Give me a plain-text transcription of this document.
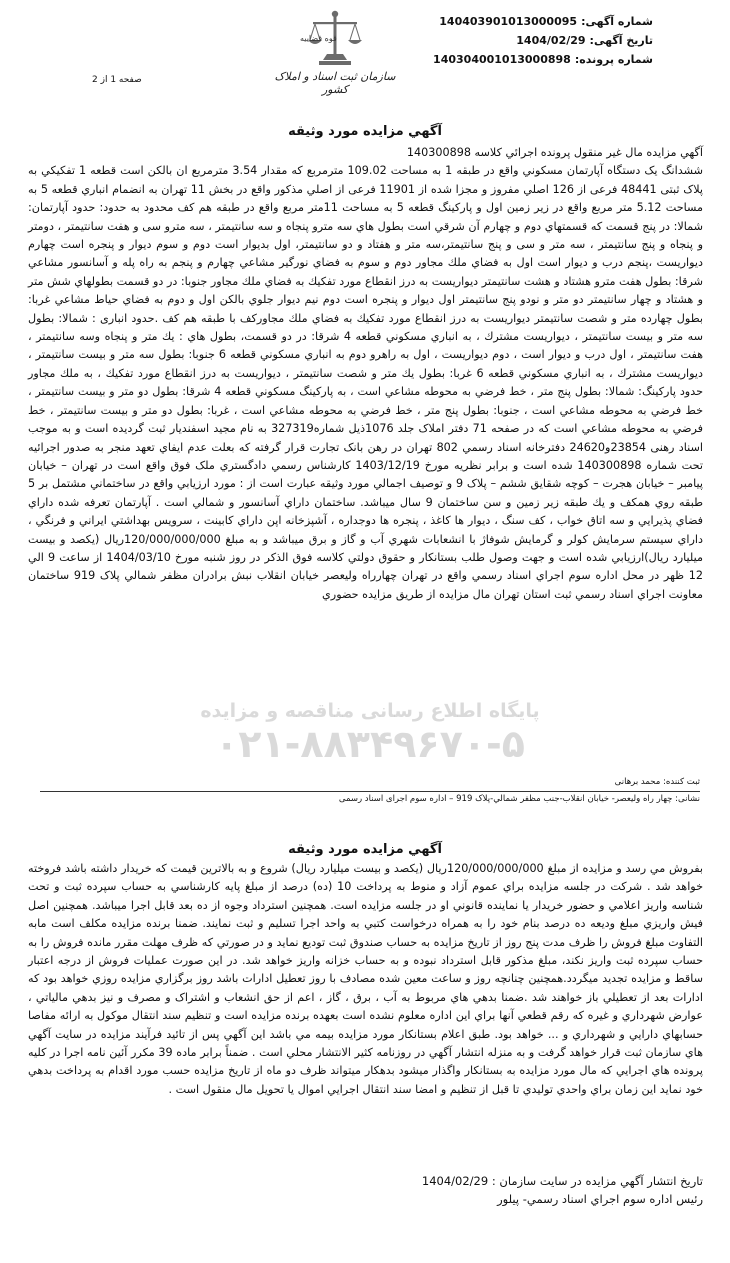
شماره آگهی:
140403901013000095
تاریخ آگهی:
1404/02/29
شماره پرونده:
140304001013000898
سازمان ثبت اسناد و املاک کشور
قوه قضاییه
صفحه 1 از 2
آگهي مزايده مورد وثيقه

آگهي مزايده مال غير منقول پرونده اجرائي كلاسه 140300898

ششدانگ یک دستگاه آپارتمان مسكوني واقع در طبقه 1 به مساحت 109.02 مترمربع که مقدار 3.54 مترمربع ان بالكن است قطعه 1 تفكيكي به پلاک ثبتی 48441 فرعی از 126 اصلي مفروز و مجزا شده از 11901 فرعی از اصلي مذكور واقع در بخش 11 تهران به انضمام انباري قطعه 5 به مساحت 5.12 متر مربع واقع در زير زمين اول و پاركينگ قطعه 5 به مساحت 11متر مربع واقع در طبقه هم كف محدود به حدود: حدود آپارتمان: شمالا: در پنج قسمت كه قسمتهاي دوم و چهارم آن شرقي است بطول هاي سه مترو پنجاه و سه سانتيمتر ، سه مترو سی و هفت سانتيمتر ، دومتر و پنجاه و پنج سانتيمتر ، سه متر و سی و پنج سانتيمتر،سه متر و هفتاد و دو سانتيمتر، اول بديوار است دوم و سوم ديوار و پنجره است چهارم ديواريست ،پنجم درب و ديوار است اول به فضاي ملك مجاور دوم و سوم به فضاي نورگير مشاعي چهارم و پنجم به راه پله و آسانسور مشاعي شرقا: بطول هفت مترو هشتاد و هشت سانتيمتر ديواريست به درز انقطاع مورد تفكيك به فضاي ملك مجاور جنوبا: در دو قسمت بطولهاي شش متر و هشتاد و چهار سانتيمتر دو متر و نودو پنج سانتيمتر اول ديوار و پنجره است دوم نيم ديوار جلوي بالكن اول و دوم به فضاي حياط مشاعي غربا: بطول چهارده متر و شصت سانتيمتر ديواريست به درز انقطاع مورد تفكيك به فضاي ملك مجاوركف با طبقه هم كف .حدود انباری : شمالا: بطول سه متر و بيست سانتيمتر ، ديواريست مشترك ، به انباري مسكوني قطعه 4 شرقا: در دو قسمت، بطول هاي : يك متر و پنجاه وسه سانتيمتر ، هفت سانتيمتر ، اول درب و ديوار است ، دوم ديواريست ، اول به راهرو دوم به انباري مسكوني قطعه 6 جنوبا: بطول سه متر و بيست سانتيمتر ، ديواريست مشترك ، به انباري مسكوني قطعه 6 غربا: بطول يك متر و شصت سانتيمتر ، ديواريست به درز انقطاع مورد تفكيك ، به ملك مجاور حدود پاركينگ: شمالا: بطول پنج متر ، خط فرضي به محوطه مشاعي است ، به پاركينگ مسكوني قطعه 4 شرقا: بطول دو متر و بيست سانتيمتر ، خط فرضي به محوطه مشاعي است ، جنوبا: بطول پنج متر ، خط فرضي به محوطه مشاعي است ، غربا: بطول دو متر و بيست سانتيمتر ، خط فرضي به محوطه مشاعي است كه در صفحه 71 دفتر املاک جلد 1076ذيل شماره327319 به نام مجيد اسفنديار ثبت گرديده است و به موجب اسناد رهنی 23854و24620 دفترخانه اسناد رسمي 802 تهران در رهن بانک تجارت قرار گرفته كه بعلت عدم ايفاي تعهد منجر به صدور اجرائيه تحت شماره 140300898 شده است و برابر نظريه مورخ 1403/12/19 كارشناس رسمي دادگستري ملک فوق واقع است در تهران – خيابان پيامبر – خيابان هجرت – كوچه شقايق ششم – پلاک 9 و توصيف اجمالي مورد وثيقه عبارت است از : مورد ارزيابي واقع در ساختماني مشتمل بر 5 طبقه روي همكف و يك طبقه زير زمين و سن ساختمان 9 سال ميباشد. ساختمان داراي آسانسور و شمالي است . آپارتمان تعرفه شده داراي فضاي پذيرايي و سه اتاق خواب ، كف سنگ ، ديوار ها كاغذ ، پنجره ها دوجداره ، آشپزخانه اپن داراي كابينت ، سرويس بهداشتي ايراني و فرنگي ، داراي سيستم سرمايش كولر و گرمايش شوفاژ با انشعابات شهري آب و گاز و برق ميباشد و به مبلغ 120/000/000/000ريال (يكصد و بيست ميليارد ريال)ارزيابي شده است و جهت وصول طلب بستانكار و حقوق دولتي كلاسه فوق الذكر در روز شنبه مورخ 1404/03/10 از ساعت 9 الي 12 ظهر در محل اداره سوم اجراي اسناد رسمي واقع در تهران چهارراه وليعصر خيابان انقلاب نبش برادران مظفر شمالي پلاک 919 ساختمان معاونت اجراي اسناد رسمي ثبت استان تهران مال مزايده از طريق مزايده حضوري

ثبت کننده: محمد برهانی
نشانی: چهار راه وليعصر- خيابان انقلاب-جنب مظفر شمالي-پلاک 919 – اداره سوم اجرای اسناد رسمی
پایگاه اطلاع رسانی مناقصه و مزایده
۰۲۱-۸۸۳۴۹۶۷۰-۵
آگهي مزايده مورد وثيقه

بفروش مي رسد و مزايده از مبلغ 120/000/000/000ريال (يكصد و بيست ميليارد ريال) شروع و به بالاترين قيمت كه خريدار داشته باشد فروخته خواهد شد . شركت در جلسه مزايده براي عموم آزاد و منوط به پرداخت 10 (ده) درصد از مبلغ پايه كارشناسي به حساب سپرده ثبت و تحت شناسه واريز اعلامي و حضور خريدار يا نماينده قانوني او در جلسه مزايده است. همچنين استرداد وجوه از ده بعد قابل اجرا ميباشد. همچنين اصل فيش واريزي مبلغ وديعه ده درصد بنام خود را به همراه درخواست كتبي به واحد اجرا تسليم و ثبت نمايند. ضمنا برنده مزايده مكلف است مابه التفاوت مبلغ فروش را ظرف مدت پنج روز از تاريخ مزايده به حساب صندوق ثبت توديع نمايد و در صورتي كه ظرف مهلت مقرر مانده فروش را به حساب سپرده ثبت واريز نكند، مبلغ مذكور قابل استرداد نبوده و به حساب خزانه واريز خواهد شد. در اين صورت عمليات فروش از درجه اعتبار ساقط و مزايده تجديد ميگردد.همچنين چنانچه روز و ساعت معين شده مصادف با روز تعطيل ادارات باشد روز برگزاري مزايده روزي خواهد بود كه ادارات بعد از تعطيلي باز خواهند شد .ضمنا بدهي هاي مربوط به آب ، برق ، گاز ، اعم از حق انشعاب و اشتراک و مصرف و نيز بدهي مالياتي ، عوارض شهرداري و غيره كه رقم قطعي آنها براي اين اداره معلوم نشده است بعهده برنده مزايده است و تنظيم سند انتقال موكول به ارائه مفاصا حسابهاي دارايي و شهرداري و ... خواهد بود. طبق اعلام بستانكار مورد مزايده بيمه مي باشد اين آگهي پس از تائيد فرآيند مزايده در سايت آگهي هاي سازمان ثبت قرار خواهد گرفت و به منزله انتشار آگهي در روزنامه كثير الانتشار محلي است . ضمناً برابر ماده 39 مكرر آئين نامه اجرا در كليه پرونده هاي اجرايي كه مال مورد مزايده به بستانكار واگذار ميشود بدهكار ميتواند ظرف دو ماه از تاريخ مزايده حسب مورد اقدام به پرداخت بدهي خود نمايد اين زمان براي واحدي توليدي تا قبل از تنظيم و امضا سند انتقال اجرايي اموال يا تحويل مال منقول است .

تاريخ انتشار آگهي مزايده در سايت سازمان : 1404/02/29
رئيس اداره سوم اجراي اسناد رسمي- پيلور
